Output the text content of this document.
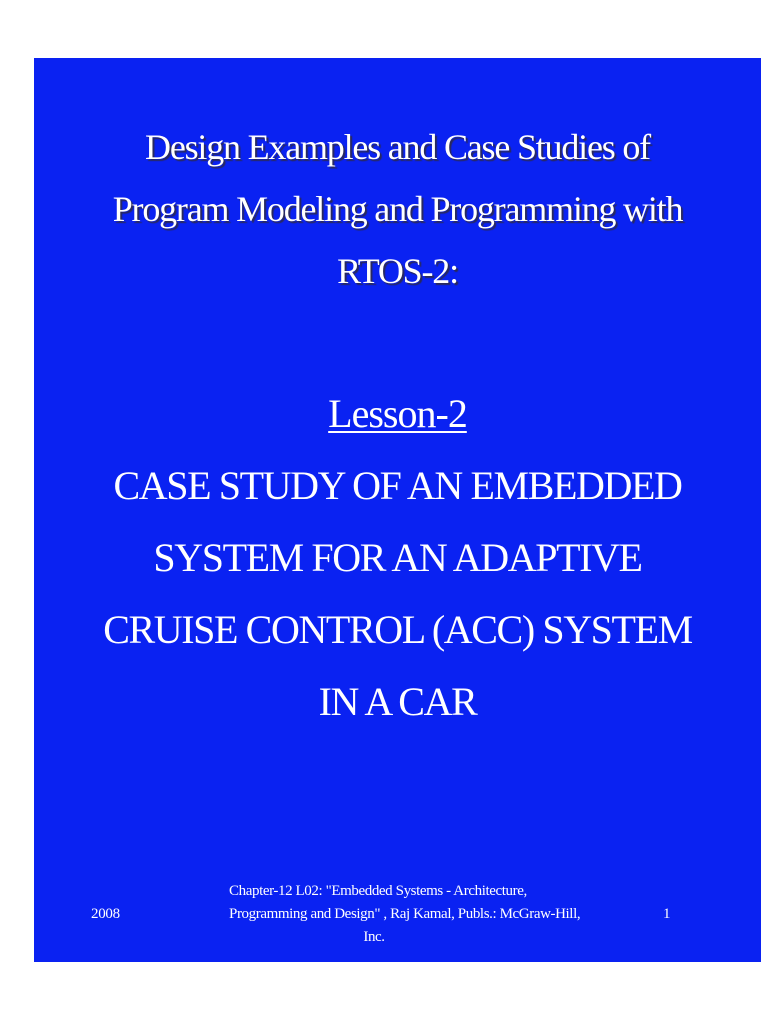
Design Examples and Case Studies of
Program Modeling and Programming with
RTOS-2:
Lesson-2
CASE STUDY OF AN EMBEDDED
SYSTEM FOR AN ADAPTIVE
CRUISE CONTROL (ACC) SYSTEM
IN A CAR
2008
Chapter-12 L02: "Embedded Systems - Architecture,
Programming and Design" , Raj Kamal, Publs.: McGraw-Hill,
Inc.
1
